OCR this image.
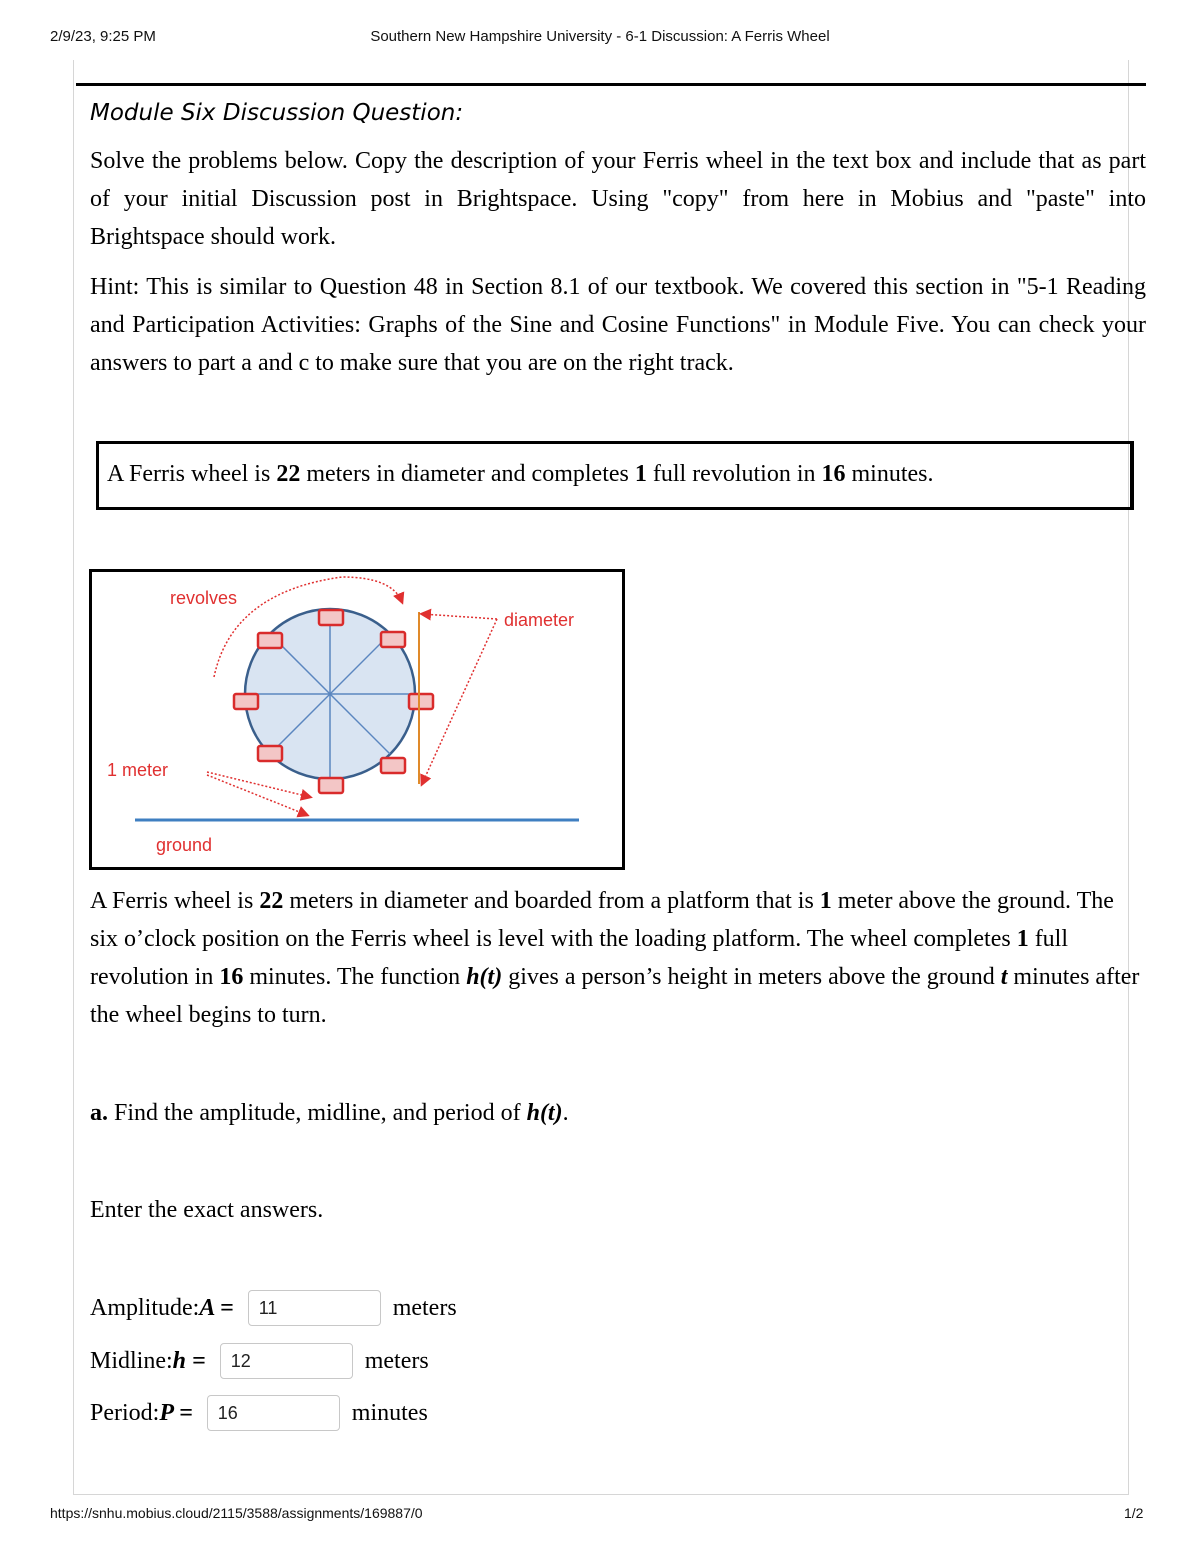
2/9/23, 9:25 PM	Southern New Hampshire University - 6-1 Discussion: A Ferris Wheel
Module Six Discussion Question:

Solve the problems below. Copy the description of your Ferris wheel in the text box and include that as part of your initial Discussion post in Brightspace. Using "copy" from here in Mobius and "paste" into Brightspace should work.

Hint: This is similar to Question 48 in Section 8.1 of our textbook. We covered this section in "5-1 Reading and Participation Activities: Graphs of the Sine and Cosine Functions" in Module Five. You can check your answers to part a and c to make sure that you are on the right track.

A Ferris wheel is 22 meters in diameter and completes 1 full revolution in 16 minutes.
revolves
diameter
1 meter
ground

A Ferris wheel is 22 meters in diameter and boarded from a platform that is 1 meter above the ground. The six o’clock position on the Ferris wheel is level with the loading platform. The wheel completes 1 full revolution in 16 minutes. The function h(t) gives a person’s height in meters above the ground t minutes after the wheel begins to turn.

a. Find the amplitude, midline, and period of h(t).

Enter the exact answers.

Amplitude: A =
11	meters
Midline: h =
12	meters
Period: P =
16	minutes
https://snhu.mobius.cloud/2115/3588/assignments/169887/0	1/2
